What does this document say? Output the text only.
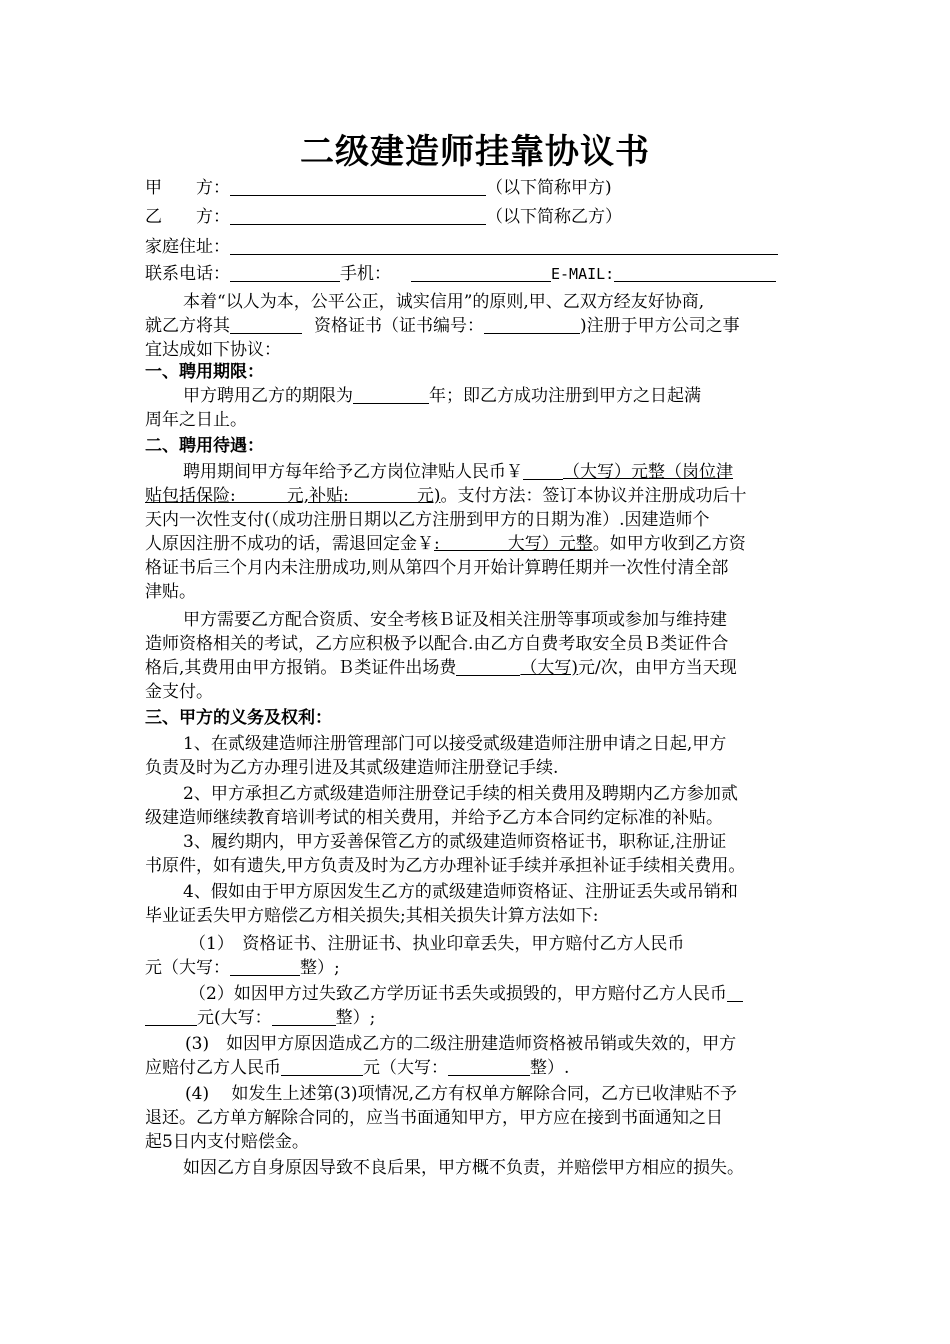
二级建造师挂靠协议书
甲　　方：	（以下简称甲方)
乙　　方：	（以下简称乙方）
家庭住址：
联系电话：	手机：	E-MAIL:
本着“以人为本，公平公正，诚实信用”的原则,甲、乙双方经友好协商,
就乙方将其	资格证书（证书编号：	)注册于甲方公司之事
宜达成如下协议：
一、聘用期限：
甲方聘用乙方的期限为	年；即乙方成功注册到甲方之日起满
周年之日止。
二、聘用待遇：
聘用期间甲方每年给予乙方岗位津贴人民币￥ （大写）元整（岗位津
贴包括保险:　　　元,补贴:　　　　元)。支付方法：签订本协议并注册成功后十
天内一次性支付(（成功注册日期以乙方注册到甲方的日期为准）.因建造师个
人原因注册不成功的话，需退回定金￥:　　　　大写）元整。如甲方收到乙方资
格证书后三个月内未注册成功,则从第四个月开始计算聘任期并一次性付清全部
津贴。
甲方需要乙方配合资质、安全考核Ｂ证及相关注册等事项或参加与维持建
造师资格相关的考试，乙方应积极予以配合.由乙方自费考取安全员Ｂ类证件合
格后,其费用由甲方报销。Ｂ类证件出场费	（大写)元/次，由甲方当天现
金支付。
三、甲方的义务及权利：
1、在贰级建造师注册管理部门可以接受贰级建造师注册申请之日起,甲方
负责及时为乙方办理引进及其贰级建造师注册登记手续.
2、甲方承担乙方贰级建造师注册登记手续的相关费用及聘期内乙方参加贰
级建造师继续教育培训考试的相关费用，并给予乙方本合同约定标准的补贴。
3、履约期内，甲方妥善保管乙方的贰级建造师资格证书，职称证,注册证
书原件，如有遗失,甲方负责及时为乙方办理补证手续并承担补证手续相关费用。
4、假如由于甲方原因发生乙方的贰级建造师资格证、注册证丢失或吊销和
毕业证丢失甲方赔偿乙方相关损失;其相关损失计算方法如下:
（1）　资格证书、注册证书、执业印章丢失，甲方赔付乙方人民币
元（大写：	整）;
（2）如因甲方过失致乙方学历证书丢失或损毁的，甲方赔付乙方人民币
元(大写：	整）;
(3)　如因甲方原因造成乙方的二级注册建造师资格被吊销或失效的，甲方
应赔付乙方人民币	元（大写：	整）.
(4)　 如发生上述第(3)项情况,乙方有权单方解除合同，乙方已收津贴不予
退还。乙方单方解除合同的，应当书面通知甲方，甲方应在接到书面通知之日
起5日内支付赔偿金。
如因乙方自身原因导致不良后果，甲方概不负责，并赔偿甲方相应的损失。
